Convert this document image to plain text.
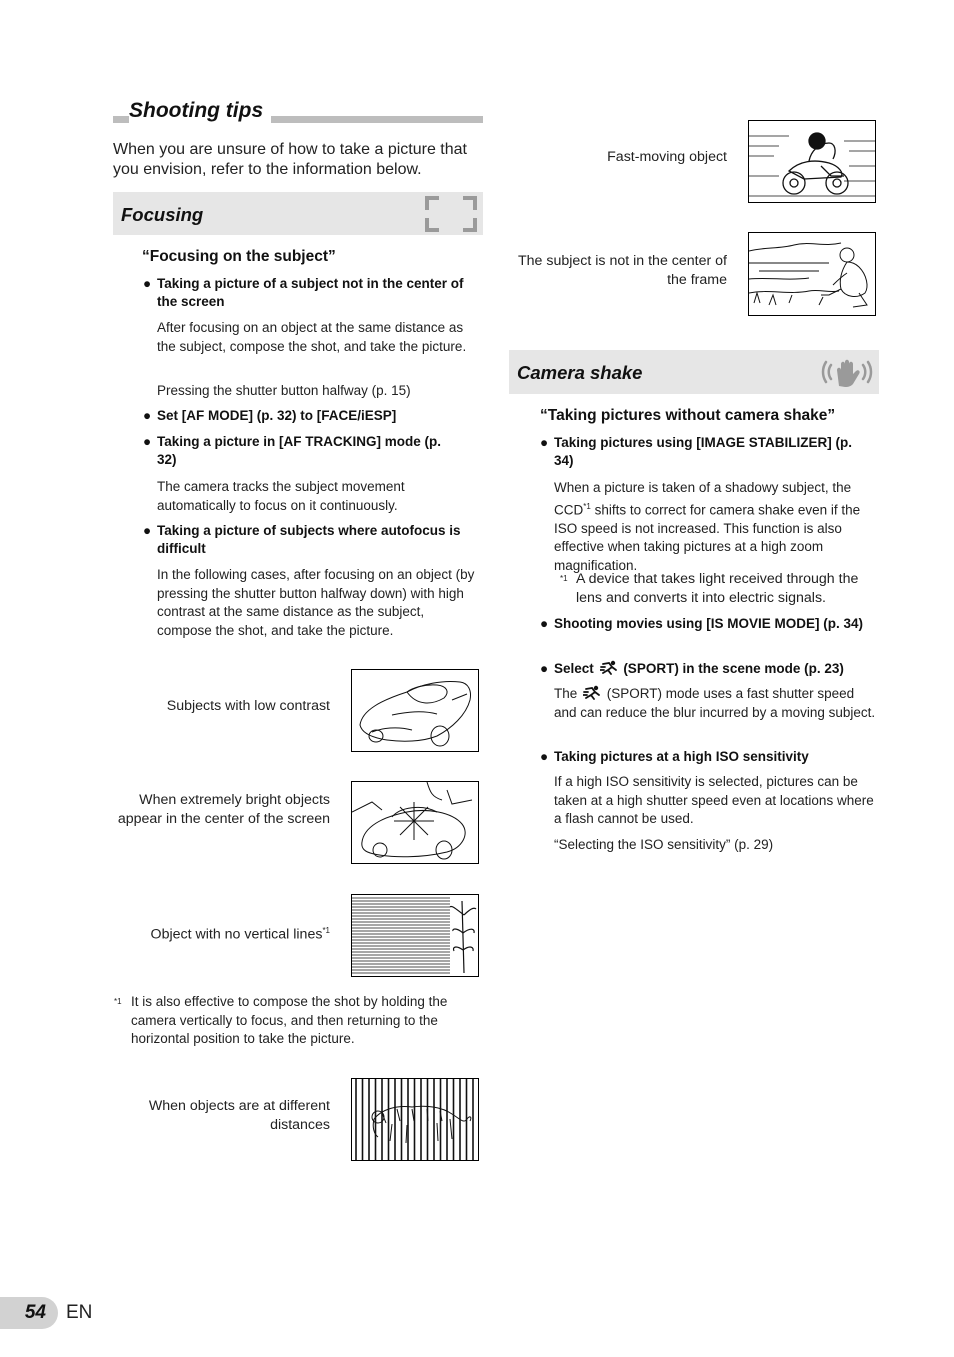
Shooting tips
When you are unsure of how to take a picture that you envision, refer to the information below.
Focusing
“Focusing on the subject”
● Taking a picture of a subject not in the center of the screen
After focusing on an object at the same distance as the subject, compose the shot, and take the picture.
Pressing the shutter button halfway (p. 15)
● Set [AF MODE] (p. 32) to [FACE/iESP]
● Taking a picture in [AF TRACKING] mode (p. 32)
The camera tracks the subject movement automatically to focus on it continuously.
● Taking a picture of subjects where autofocus is difficult
In the following cases, after focusing on an object (by pressing the shutter button halfway down) with high contrast at the same distance as the subject, compose the shot, and take the picture.
Subjects with low contrast
When extremely bright objects appear in the center of the screen
Object with no vertical lines$^{*1}$
*1 It is also effective to compose the shot by holding the camera vertically to focus, and then returning to the horizontal position to take the picture.
When objects are at different distances
Fast-moving object
The subject is not in the center of the frame
Camera shake
“Taking pictures without camera shake”
● Taking pictures using [IMAGE STABILIZER] (p. 34)
When a picture is taken of a shadowy subject, the CCD$^{*1}$ shifts to correct for camera shake even if the ISO speed is not increased. This function is also effective when taking pictures at a high zoom magnification.
*1 A device that takes light received through the lens and converts it into electric signals.
● Shooting movies using [IS MOVIE MODE] (p. 34)
● Select (SPORT) in the scene mode (p. 23)
The (SPORT) mode uses a fast shutter speed and can reduce the blur incurred by a moving subject.
● Taking pictures at a high ISO sensitivity
If a high ISO sensitivity is selected, pictures can be taken at a high shutter speed even at locations where a flash cannot be used.
“Selecting the ISO sensitivity” (p. 29)
54 EN
